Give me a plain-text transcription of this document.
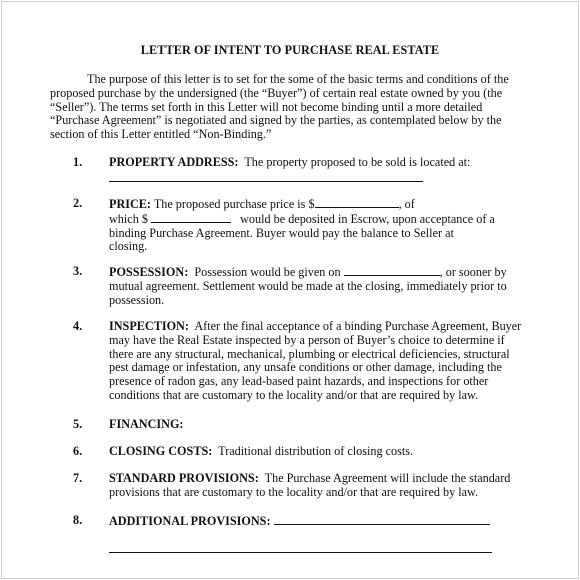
LETTER OF INTENT TO PURCHASE REAL ESTATE
The purpose of this letter is to set for the some of the basic terms and conditions of the
proposed purchase by the undersigned (the “Buyer”) of certain real estate owned by you (the
“Seller”). The terms set forth in this Letter will not become binding until a more detailed
“Purchase Agreement” is negotiated and signed by the parties, as contemplated below by the
section of this Letter entitled “Non-Binding.”
1. PROPERTY ADDRESS: The property proposed to be sold is located at:
2. PRICE: The proposed purchase price is $	, of
which $	would be deposited in Escrow, upon acceptance of a
binding Purchase Agreement. Buyer would pay the balance to Seller at
closing.
3. POSSESSION: Possession would be given on	, or sooner by
mutual agreement. Settlement would be made at the closing, immediately prior to
possession.
4. INSPECTION: After the final acceptance of a binding Purchase Agreement, Buyer
may have the Real Estate inspected by a person of Buyer’s choice to determine if
there are any structural, mechanical, plumbing or electrical deficiencies, structural
pest damage or infestation, any unsafe conditions or other damage, including the
presence of radon gas, any lead-based paint hazards, and inspections for other
conditions that are customary to the locality and/or that are required by law.
5. FINANCING:
6. CLOSING COSTS: Traditional distribution of closing costs.
7. STANDARD PROVISIONS: The Purchase Agreement will include the standard
provisions that are customary to the locality and/or that are required by law.
8. ADDITIONAL PROVISIONS:
